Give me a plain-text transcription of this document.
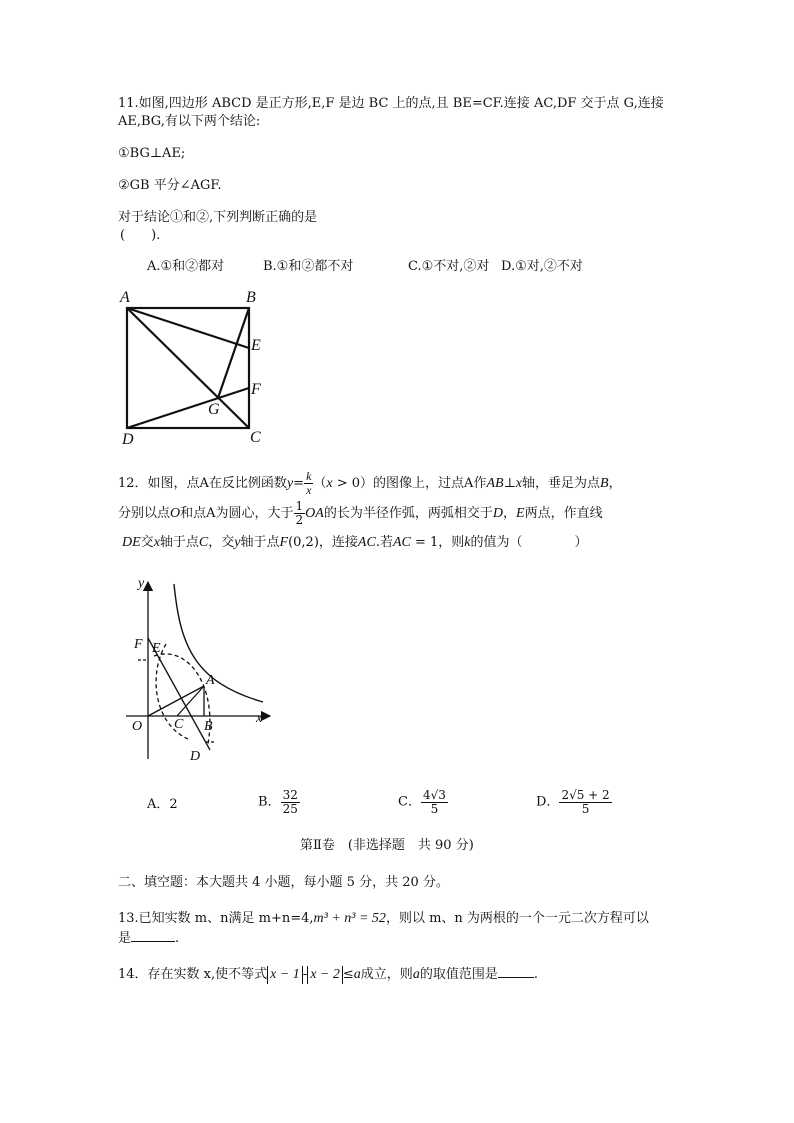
11.如图,四边形 ABCD 是正方形,E,F 是边 BC 上的点,且 BE=CF.连接 AC,DF 交于点 G,连接
AE,BG,有以下两个结论:
①BG⊥AE;
②GB 平分∠AGF.
对于结论①和②,下列判断正确的是
(　　).
A.①和②都对	B.①和②都不对	C.①不对,②对 D.①对,②不对
A	B
E
F
G
D	C
12．如图，点A在反比例函数$y= \frac{k}{x} (x > 0)$的图像上，过点A作AB⊥x轴，垂足为点B，
分别以点O和点A为圆心，大于 $\frac{1}{2}$ OA的长为半径作弧，两弧相交于D，E两点，作直线
DE交x轴于点C，交y轴于点F(0,2)，连接AC.若AC = 1，则k的值为（　　　　）
y
x
O
F E
A
C B
D
A．2	B． $\frac{32}{25}$	C． $\frac{4√3}{5}$	D． $\frac{2√5 + 2}{5}$
第Ⅱ卷　(非选择题　共 90 分)
二、填空题：本大题共 4 小题，每小题 5 分，共 20 分。
13.已知实数 m、n满足 m+n=4,m³ + n³ = 52，则以 m、n 为两根的一个一元二次方程可以
是	.
14．存在实数 x,使不等式 x − 1 - x − 2 ≤a成立，则a的取值范围是	.
